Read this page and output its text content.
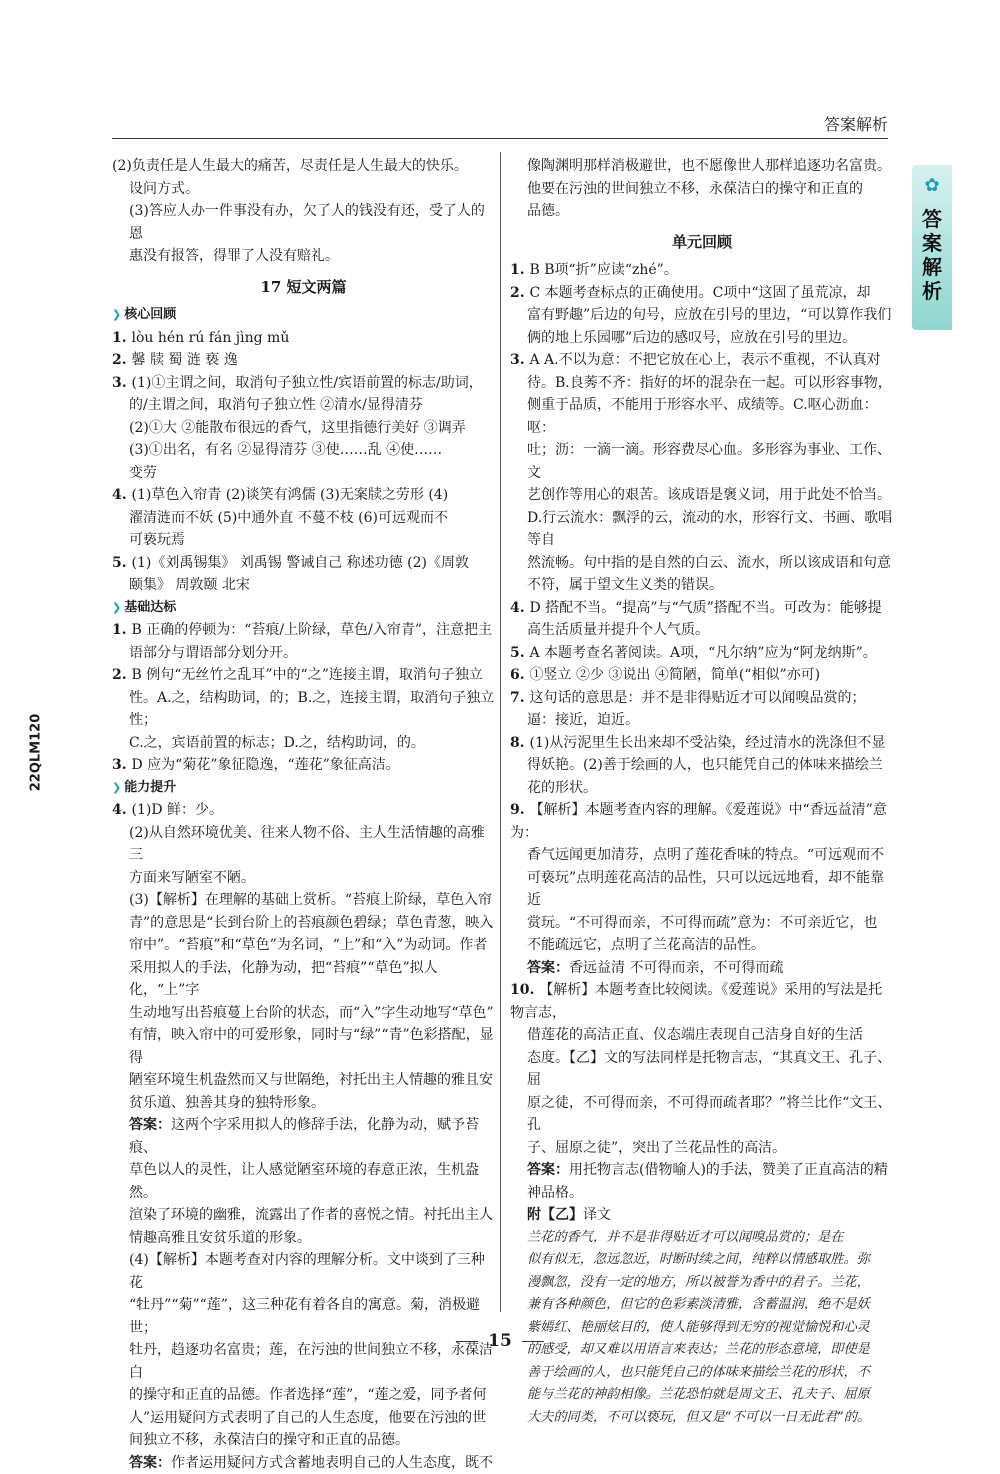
答案解析
✿
答案解析
22QLM120
(2)负责任是人生最大的痛苦，尽责任是人生最大的快乐。
设问方式。
(3)答应人办一件事没有办，欠了人的钱没有还，受了人的恩
惠没有报答，得罪了人没有赔礼。
17 短文两篇
❯ 核心回顾
1. lòu hén rú fán jìng mǔ
2. 馨 牍 蜀 涟 亵 逸
3. (1)①主谓之间，取消句子独立性/宾语前置的标志/助词，
的/主谓之间，取消句子独立性 ②清水/显得清芬
(2)①大 ②能散布很远的香气，这里指德行美好 ③调弄
(3)①出名，有名 ②显得清芬 ③使……乱 ④使……
变劳
4. (1)草色入帘青 (2)谈笑有鸿儒 (3)无案牍之劳形 (4)
濯清涟而不妖 (5)中通外直 不蔓不枝 (6)可远观而不
可亵玩焉
5. (1)《刘禹锡集》 刘禹锡 警诫自己 称述功德 (2)《周敦
颐集》 周敦颐 北宋
❯ 基础达标
1. B 正确的停顿为：“苔痕/上阶绿，草色/入帘青”，注意把主
语部分与谓语部分划分开。
2. B 例句“无丝竹之乱耳”中的“之”连接主谓，取消句子独立
性。A.之，结构助词，的；B.之，连接主谓，取消句子独立性；
C.之，宾语前置的标志；D.之，结构助词，的。
3. D 应为“菊花”象征隐逸，“莲花”象征高洁。
❯ 能力提升
4. (1)D 鲜：少。
(2)从自然环境优美、往来人物不俗、主人生活情趣的高雅三
方面来写陋室不陋。
(3)【解析】在理解的基础上赏析。“苔痕上阶绿，草色入帘
青”的意思是“长到台阶上的苔痕颜色碧绿；草色青葱，映入
帘中”。“苔痕”和“草色”为名词，“上”和“入”为动词。作者
采用拟人的手法，化静为动，把“苔痕”“草色”拟人化，“上”字
生动地写出苔痕蔓上台阶的状态，而“入”字生动地写“草色”
有情，映入帘中的可爱形象，同时与“绿”“青”色彩搭配，显得
陋室环境生机盎然而又与世隔绝，衬托出主人情趣的雅且安
贫乐道、独善其身的独特形象。
答案：这两个字采用拟人的修辞手法，化静为动，赋予苔痕、
草色以人的灵性，让人感觉陋室环境的春意正浓，生机盎然。
渲染了环境的幽雅，流露出了作者的喜悦之情。衬托出主人
情趣高雅且安贫乐道的形象。
(4)【解析】本题考查对内容的理解分析。文中谈到了三种花
“牡丹”“菊”“莲”，这三种花有着各自的寓意。菊，消极避世；
牡丹，趋逐功名富贵；莲，在污浊的世间独立不移，永葆洁白
的操守和正直的品德。作者选择“莲”，“莲之爱，同予者何
人”运用疑问方式表明了自己的人生态度，他要在污浊的世
间独立不移，永葆洁白的操守和正直的品德。
答案：作者运用疑问方式含蓄地表明自己的人生态度，既不
像陶渊明那样消极避世，也不愿像世人那样追逐功名富贵。
他要在污浊的世间独立不移，永葆洁白的操守和正直的
品德。
单元回顾
1. B B项“折”应读“zhé”。
2. C 本题考查标点的正确使用。C项中“这固了虽荒凉，却
富有野趣”后边的句号，应放在引号的里边，“可以算作我们
俩的地上乐园哪”后边的感叹号，应放在引号的里边。
3. A A.不以为意：不把它放在心上，表示不重视，不认真对
待。B.良莠不齐：指好的坏的混杂在一起。可以形容事物，
侧重于品质，不能用于形容水平、成绩等。C.呕心沥血：呕：
吐；沥：一滴一滴。形容费尽心血。多形容为事业、工作、文
艺创作等用心的艰苦。该成语是褒义词，用于此处不恰当。
D.行云流水：飘浮的云，流动的水，形容行文、书画、歌唱等自
然流畅。句中指的是自然的白云、流水，所以该成语和句意
不符，属于望文生义类的错误。
4. D 搭配不当。“提高”与“气质”搭配不当。可改为：能够提
高生活质量并提升个人气质。
5. A 本题考查名著阅读。A项，“凡尔纳”应为“阿龙纳斯”。
6. ①竖立 ②少 ③说出 ④简陋，简单(“相似”亦可)
7. 这句话的意思是：并不是非得贴近才可以闻嗅品赏的；
逼：接近，迫近。
8. (1)从污泥里生长出来却不受沾染，经过清水的洗涤但不显
得妖艳。(2)善于绘画的人，也只能凭自己的体味来描绘兰
花的形状。
9. 【解析】本题考查内容的理解。《爱莲说》中“香远益清”意为：
香气远闻更加清芬，点明了莲花香味的特点。“可远观而不
可亵玩”点明莲花高洁的品性，只可以远远地看，却不能靠近
赏玩。“不可得而亲，不可得而疏”意为：不可亲近它，也
不能疏远它，点明了兰花高洁的品性。
答案：香远益清 不可得而亲，不可得而疏
10. 【解析】本题考查比较阅读。《爱莲说》采用的写法是托物言志，
借莲花的高洁正直、仪态端庄表现自己洁身自好的生活
态度。【乙】文的写法同样是托物言志，“其真文王、孔子、屈
原之徒，不可得而亲，不可得而疏者耶？”将兰比作“文王、孔
子、屈原之徒”，突出了兰花品性的高洁。
答案：用托物言志(借物喻人)的手法，赞美了正直高洁的精
神品格。
附【乙】译文
兰花的香气，并不是非得贴近才可以闻嗅品赏的；是在
似有似无，忽远忽近，时断时续之间，纯粹以情感取胜。弥
漫飘忽，没有一定的地方，所以被誉为香中的君子。兰花，
兼有各种颜色，但它的色彩素淡清雅，含蓄温润，绝不是妖
紫嫣红、艳丽炫目的，使人能够得到无穷的视觉愉悦和心灵
的感受，却又难以用语言来表达；兰花的形态意境，即使是
善于绘画的人，也只能凭自己的体味来描绘兰花的形状，不
能与兰花的神韵相像。兰花恐怕就是周文王、孔夫子、屈原
大夫的同类，不可以亵玩，但又是“不可以一日无此君”的。
15
